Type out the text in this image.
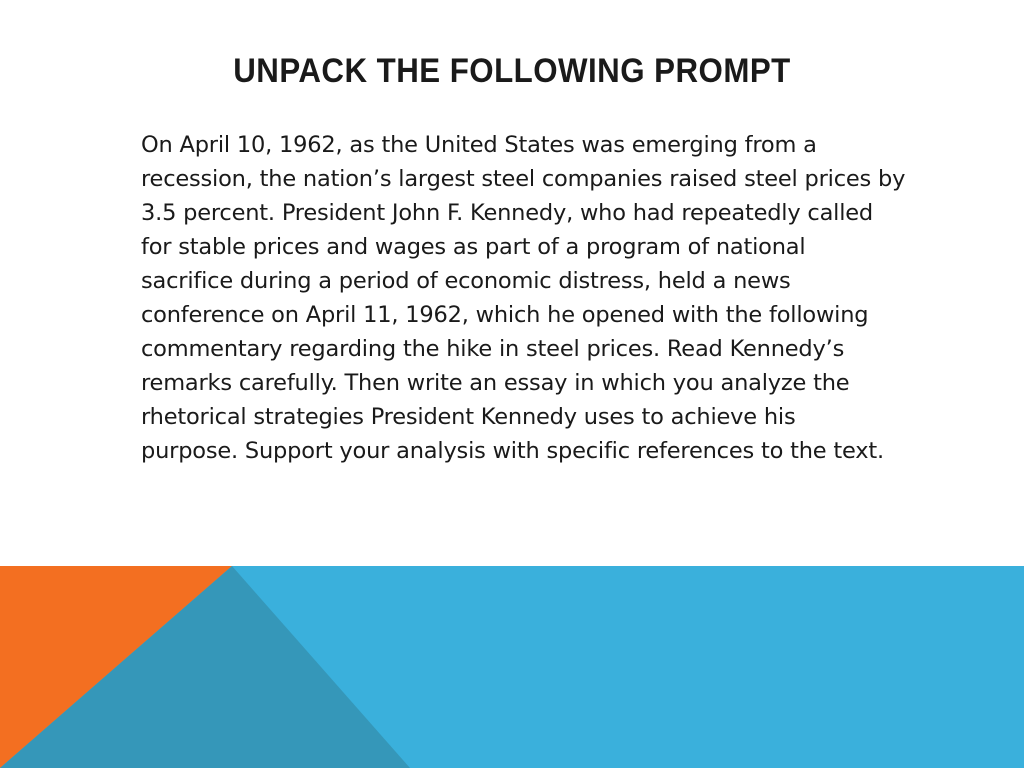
UNPACK THE FOLLOWING PROMPT

On April 10, 1962, as the United States was emerging from a
recession, the nation’s largest steel companies raised steel prices by
3.5 percent. President John F. Kennedy, who had repeatedly called
for stable prices and wages as part of a program of national
sacrifice during a period of economic distress, held a news
conference on April 11, 1962, which he opened with the following
commentary regarding the hike in steel prices. Read Kennedy’s
remarks carefully. Then write an essay in which you analyze the
rhetorical strategies President Kennedy uses to achieve his
purpose. Support your analysis with specific references to the text.
